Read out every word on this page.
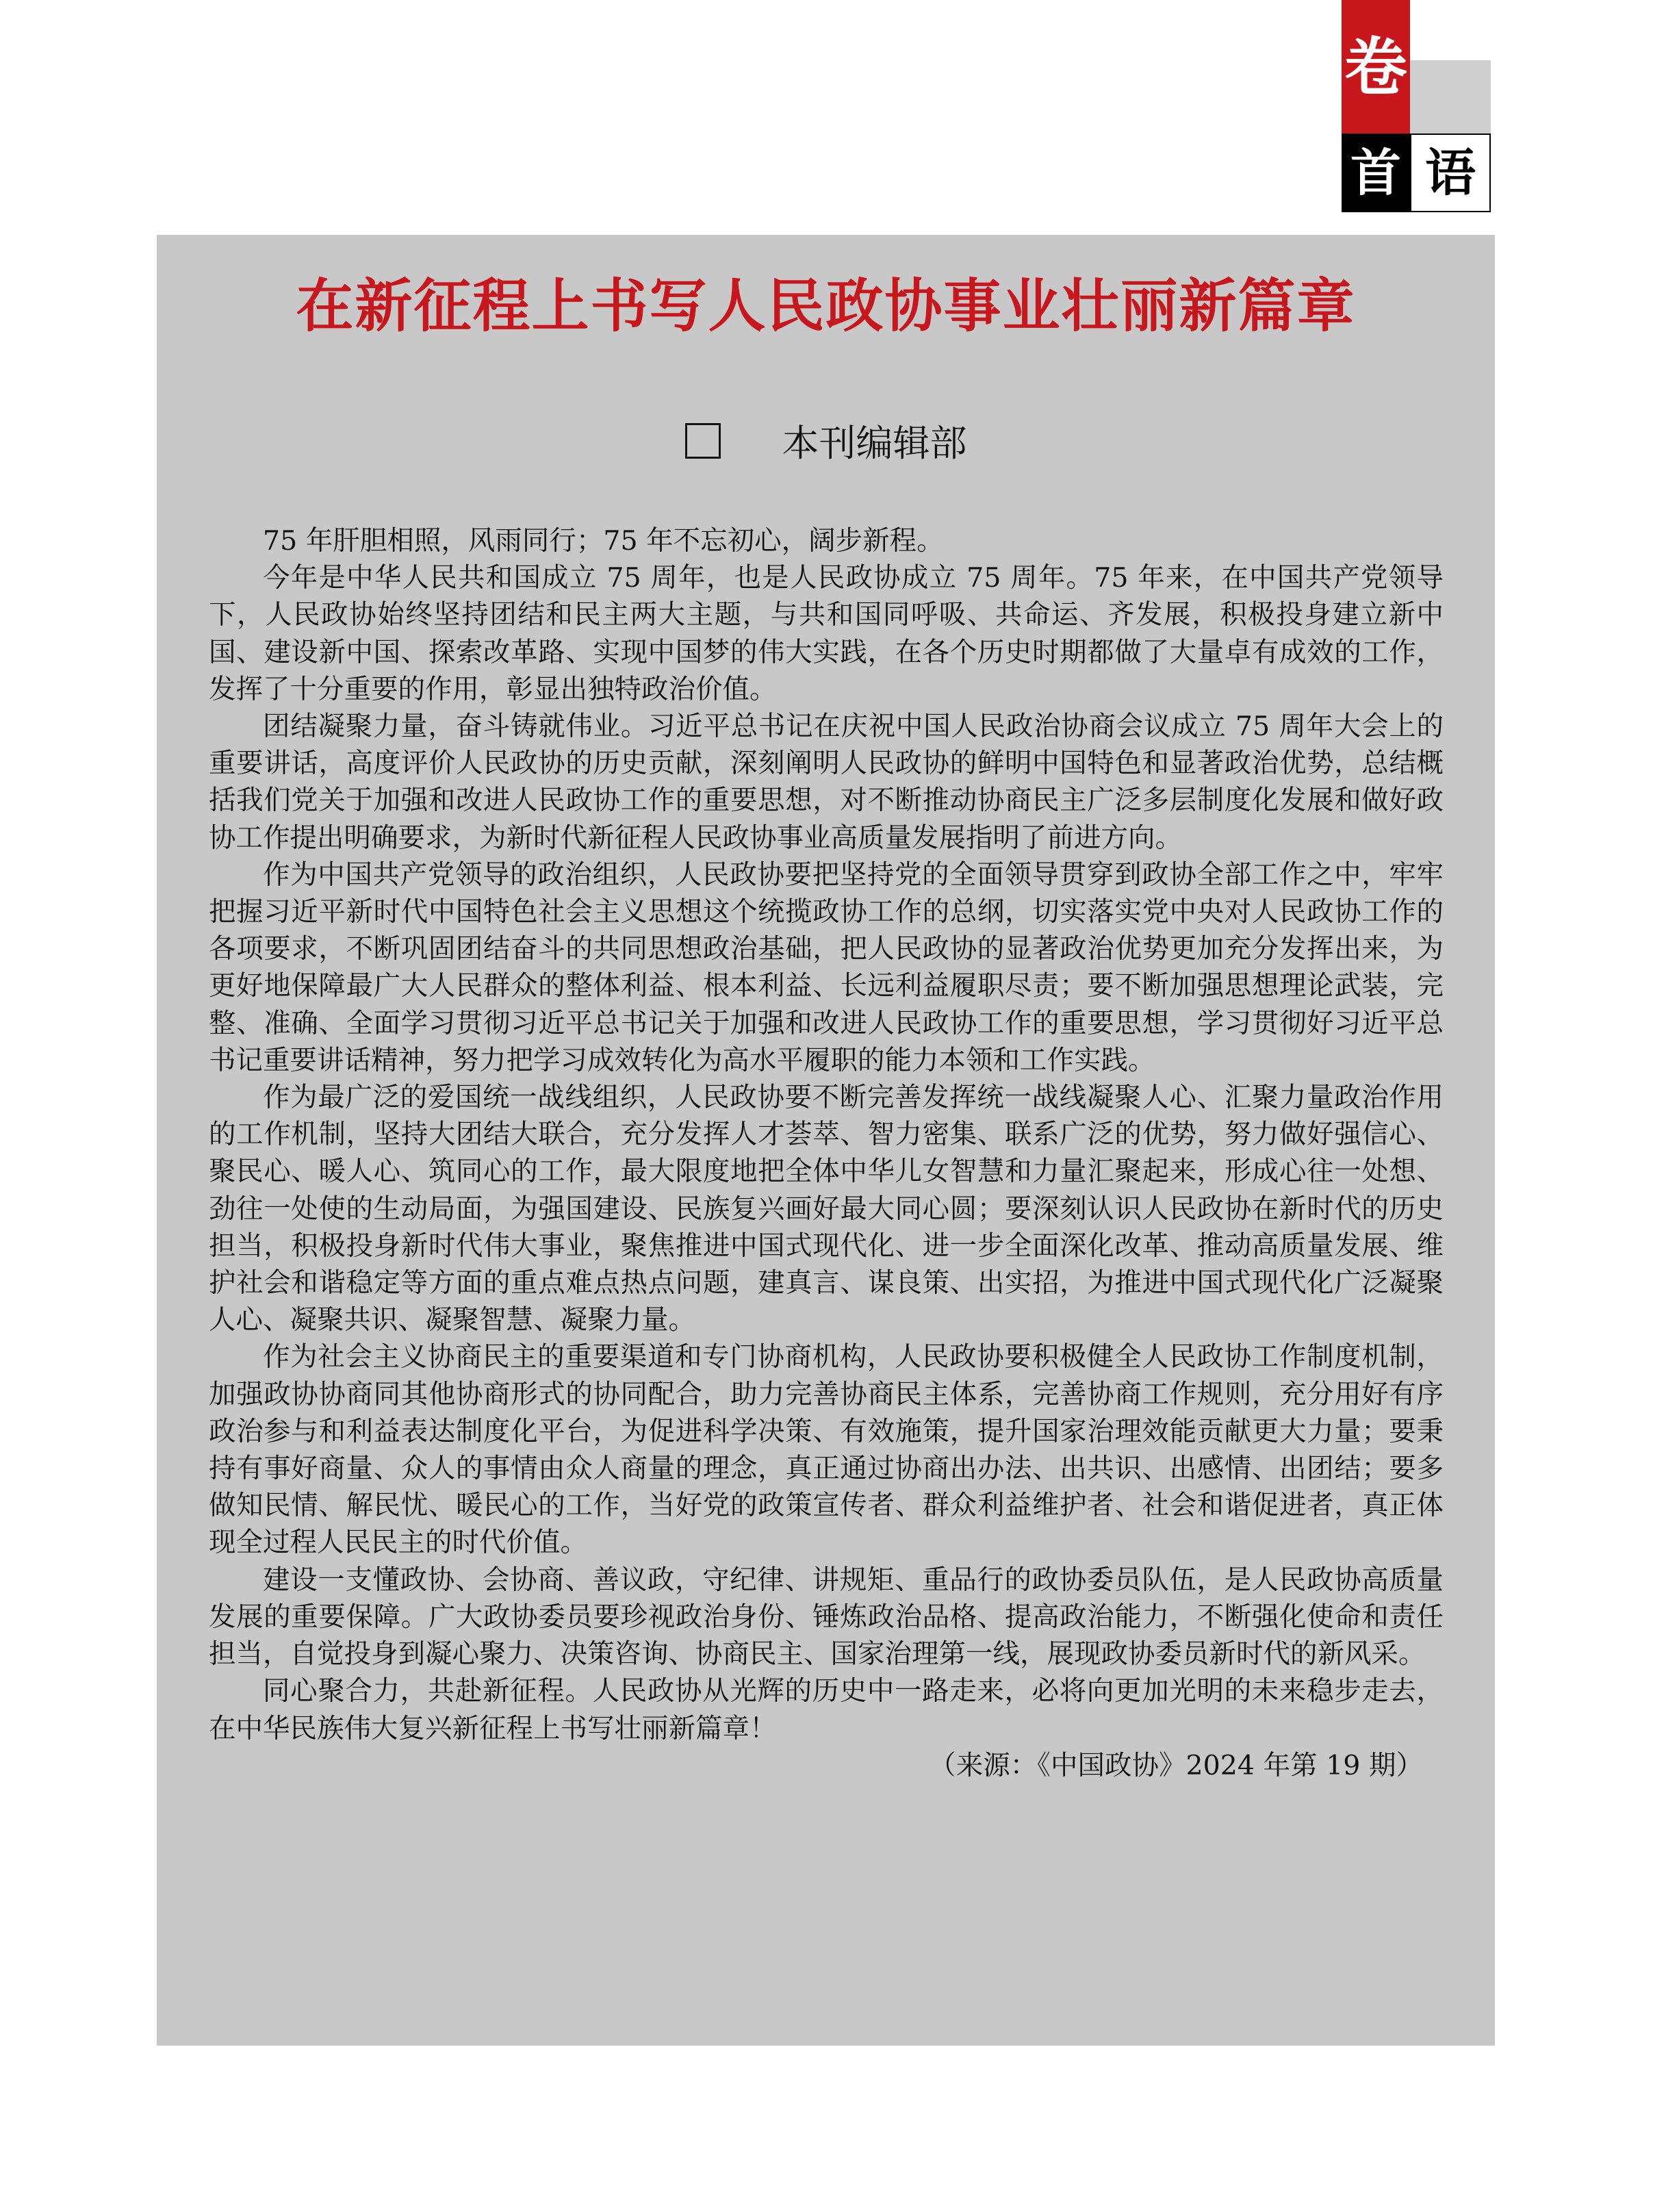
卷
首 语
在新征程上书写人民政协事业壮丽新篇章
本刊编辑部

75 年肝胆相照，风雨同行；75 年不忘初心，阔步新程。

今年是中华人民共和国成立 75 周年，也是人民政协成立 75 周年。75 年来，在中国共产党领导下，人民政协始终坚持团结和民主两大主题，与共和国同呼吸、共命运、齐发展，积极投身建立新中国、建设新中国、探索改革路、实现中国梦的伟大实践，在各个历史时期都做了大量卓有成效的工作，发挥了十分重要的作用，彰显出独特政治价值。

团结凝聚力量，奋斗铸就伟业。习近平总书记在庆祝中国人民政治协商会议成立 75 周年大会上的重要讲话，高度评价人民政协的历史贡献，深刻阐明人民政协的鲜明中国特色和显著政治优势，总结概括我们党关于加强和改进人民政协工作的重要思想，对不断推动协商民主广泛多层制度化发展和做好政协工作提出明确要求，为新时代新征程人民政协事业高质量发展指明了前进方向。

作为中国共产党领导的政治组织，人民政协要把坚持党的全面领导贯穿到政协全部工作之中，牢牢把握习近平新时代中国特色社会主义思想这个统揽政协工作的总纲，切实落实党中央对人民政协工作的各项要求，不断巩固团结奋斗的共同思想政治基础，把人民政协的显著政治优势更加充分发挥出来，为更好地保障最广大人民群众的整体利益、根本利益、长远利益履职尽责；要不断加强思想理论武装，完整、准确、全面学习贯彻习近平总书记关于加强和改进人民政协工作的重要思想，学习贯彻好习近平总书记重要讲话精神，努力把学习成效转化为高水平履职的能力本领和工作实践。

作为最广泛的爱国统一战线组织，人民政协要不断完善发挥统一战线凝聚人心、汇聚力量政治作用的工作机制，坚持大团结大联合，充分发挥人才荟萃、智力密集、联系广泛的优势，努力做好强信心、聚民心、暖人心、筑同心的工作，最大限度地把全体中华儿女智慧和力量汇聚起来，形成心往一处想、劲往一处使的生动局面，为强国建设、民族复兴画好最大同心圆；要深刻认识人民政协在新时代的历史担当，积极投身新时代伟大事业，聚焦推进中国式现代化、进一步全面深化改革、推动高质量发展、维护社会和谐稳定等方面的重点难点热点问题，建真言、谋良策、出实招，为推进中国式现代化广泛凝聚人心、凝聚共识、凝聚智慧、凝聚力量。

作为社会主义协商民主的重要渠道和专门协商机构，人民政协要积极健全人民政协工作制度机制，加强政协协商同其他协商形式的协同配合，助力完善协商民主体系，完善协商工作规则，充分用好有序政治参与和利益表达制度化平台，为促进科学决策、有效施策，提升国家治理效能贡献更大力量；要秉持有事好商量、众人的事情由众人商量的理念，真正通过协商出办法、出共识、出感情、出团结；要多做知民情、解民忧、暖民心的工作，当好党的政策宣传者、群众利益维护者、社会和谐促进者，真正体现全过程人民民主的时代价值。

建设一支懂政协、会协商、善议政，守纪律、讲规矩、重品行的政协委员队伍，是人民政协高质量发展的重要保障。广大政协委员要珍视政治身份、锤炼政治品格、提高政治能力，不断强化使命和责任担当，自觉投身到凝心聚力、决策咨询、协商民主、国家治理第一线，展现政协委员新时代的新风采。

同心聚合力，共赴新征程。人民政协从光辉的历史中一路走来，必将向更加光明的未来稳步走去，在中华民族伟大复兴新征程上书写壮丽新篇章！

（来源：《中国政协》2024 年第 19 期）
